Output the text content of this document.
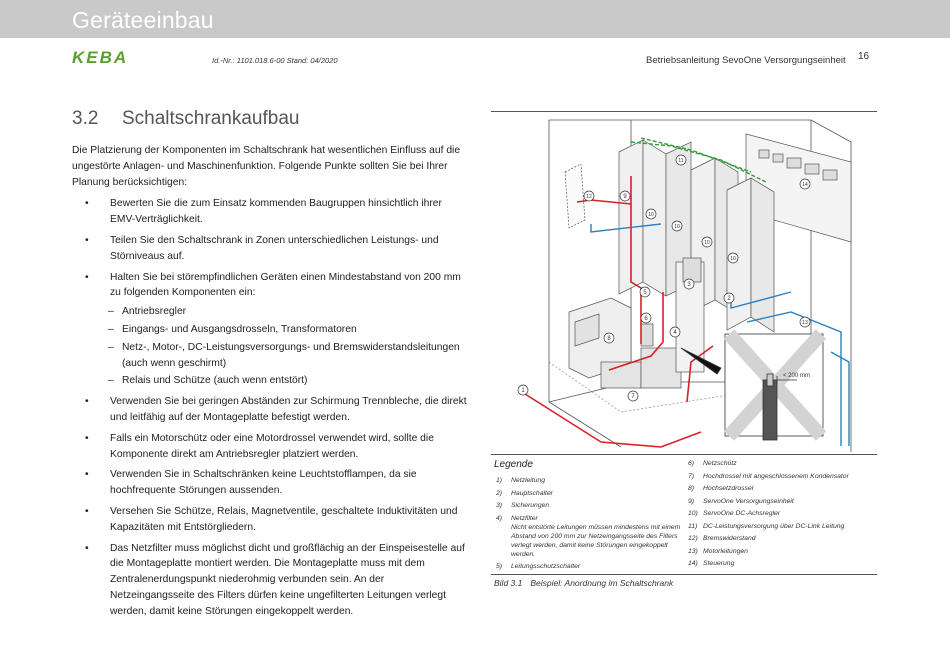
Geräteeinbau
KEBA	Id.-Nr.: 1101.018.6-00 Stand: 04/2020	Betriebsanleitung SevoOne Versorgungseinheit 16
3.2 Schaltschrankaufbau

Die Platzierung der Komponenten im Schaltschrank hat wesentlichen Einfluss auf die ungestörte Anlagen- und Maschinenfunktion. Folgende Punkte sollten Sie bei Ihrer Planung berücksichtigen:

• Bewerten Sie die zum Einsatz kommenden Baugruppen hinsichtlich ihrer EMV-Verträglichkeit.
• Teilen Sie den Schaltschrank in Zonen unterschiedlichen Leistungs- und Störniveaus auf.
• Halten Sie bei störempfindlichen Geräten einen Mindestabstand von 200 mm zu folgenden Komponenten ein:
– Antriebsregler
– Eingangs- und Ausgangsdrosseln, Transformatoren
– Netz-, Motor-, DC-Leistungsversorgungs- und Bremswiderstandsleitungen (auch wenn geschirmt)
– Relais und Schütze (auch wenn entstört)
• Verwenden Sie bei geringen Abständen zur Schirmung Trennbleche, die direkt und leitfähig auf der Montageplatte befestigt werden.
• Falls ein Motorschütz oder eine Motordrossel verwendet wird, sollte die Komponente direkt am Antriebsregler platziert werden.
• Verwenden Sie in Schaltschränken keine Leuchtstofflampen, da sie hochfrequente Störungen aussenden.
• Versehen Sie Schütze, Relais, Magnetventile, geschaltete Induktivitäten und Kapazitäten mit Entstörgliedern.
• Das Netzfilter muss möglichst dicht und großflächig an der Einspeisestelle auf die Montageplatte montiert werden. Die Montageplatte muss mit dem Zentralenerdungspunkt niederohmig verbunden sein. An der Netzeingangsseite des Filters dürfen keine ungefilterten Leitungen verlegt werden, damit keine Störungen eingekoppelt werden.
< 200 mm
1
2
3
4
5
6
7
8
9
10
11
12
13
14
10
10
10
Legende
1) Netzleitung
2) Hauptschalter
3) Sicherungen
4) Netzfilter
Nicht entstörte Leitungen müssen mindestens mit einem Abstand von 200 mm zur Netzeingangsseite des Filters verlegt werden, damit keine Störungen eingekoppelt werden.
5) Leitungsschutzschalter
6) Netzschütz
7) Hochdrossel mit angeschlossenem Kondensator
8) Hochsetzdrossel
9) ServoOne Versorgungseinheit
10) ServoOne DC-Achsregler
11) DC-Leistungsversorgung über DC-Link Leitung
12) Bremswiderstand
13) Motorleitungen
14) Steuerung
Bild 3.1 Beispiel: Anordnung im Schaltschrank
